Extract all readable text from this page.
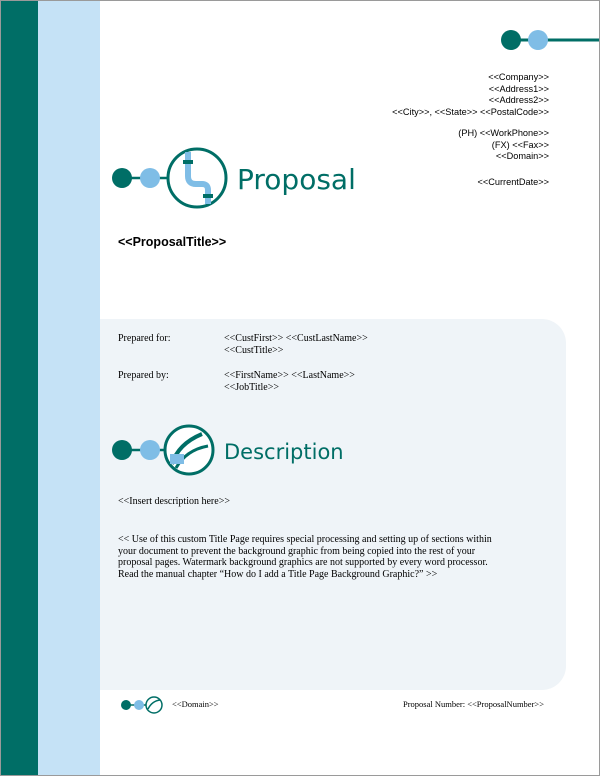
<<Company>>
<<Address1>>
<<Address2>>
<<City>>, <<State>> <<PostalCode>>
(PH) <<WorkPhone>>
(FX) <<Fax>>
<<Domain>>
<<CurrentDate>>
Proposal
<<ProposalTitle>>
Prepared for:	<<CustFirst>> <<CustLastName>>
<<CustTitle>>
Prepared by:	<<FirstName>> <<LastName>>
<<JobTitle>>
Description
<<Insert description here>>
<< Use of this custom Title Page requires special processing and setting up of sections within
your document to prevent the background graphic from being copied into the rest of your
proposal pages. Watermark background graphics are not supported by every word processor.
Read the manual chapter “How do I add a Title Page Background Graphic?” >>
<<Domain>>	Proposal Number: <<ProposalNumber>>
